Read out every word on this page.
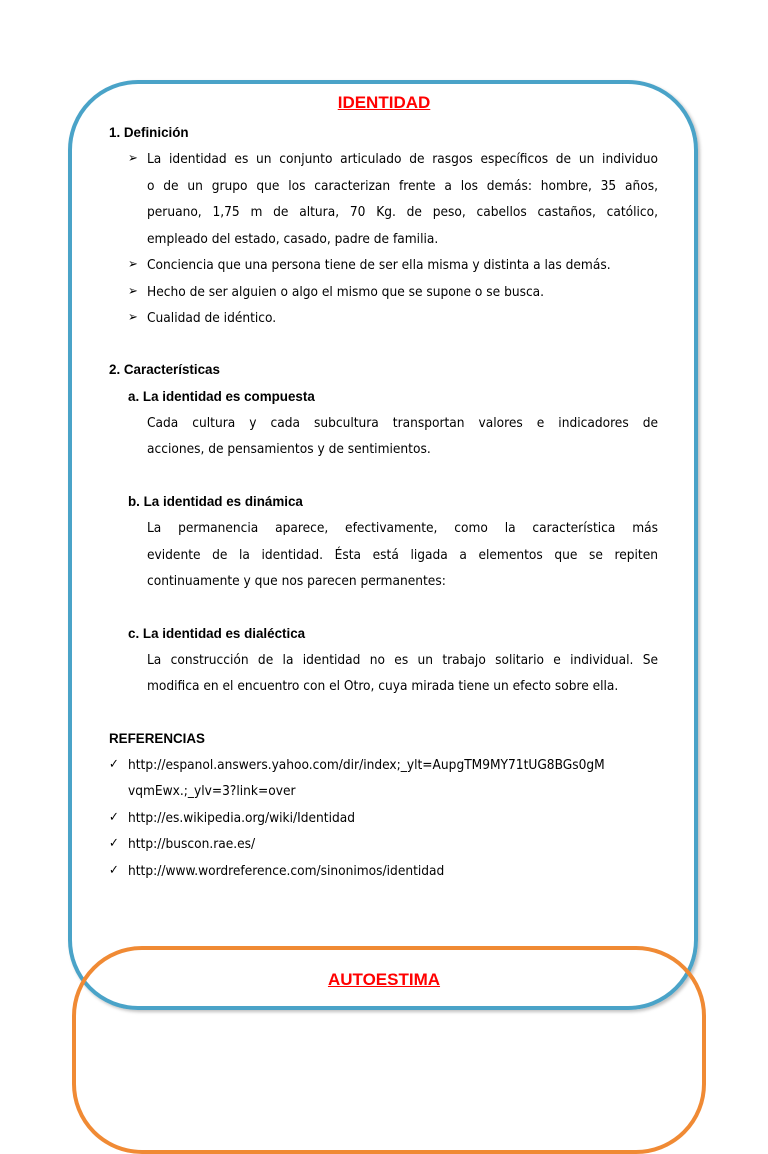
IDENTIDAD
1. Definición
➢ La identidad es un conjunto articulado de rasgos específicos de un individuo
o de un grupo que los caracterizan frente a los demás: hombre, 35 años,
peruano, 1,75 m de altura, 70 Kg. de peso, cabellos castaños, católico,
empleado del estado, casado, padre de familia.
➢ Conciencia que una persona tiene de ser ella misma y distinta a las demás.
➢ Hecho de ser alguien o algo el mismo que se supone o se busca.
➢ Cualidad de idéntico.
2. Características
a. La identidad es compuesta
Cada cultura y cada subcultura transportan valores e indicadores de
acciones, de pensamientos y de sentimientos.
b. La identidad es dinámica
La permanencia aparece, efectivamente, como la característica más
evidente de la identidad. Ésta está ligada a elementos que se repiten
continuamente y que nos parecen permanentes:
c. La identidad es dialéctica
La construcción de la identidad no es un trabajo solitario e individual. Se
modifica en el encuentro con el Otro, cuya mirada tiene un efecto sobre ella.
REFERENCIAS
✓ http://espanol.answers.yahoo.com/dir/index;_ylt=AupgTM9MY71tUG8BGs0gM
vqmEwx.;_ylv=3?link=over
✓ http://es.wikipedia.org/wiki/Identidad
✓ http://buscon.rae.es/
✓ http://www.wordreference.com/sinonimos/identidad
AUTOESTIMA
